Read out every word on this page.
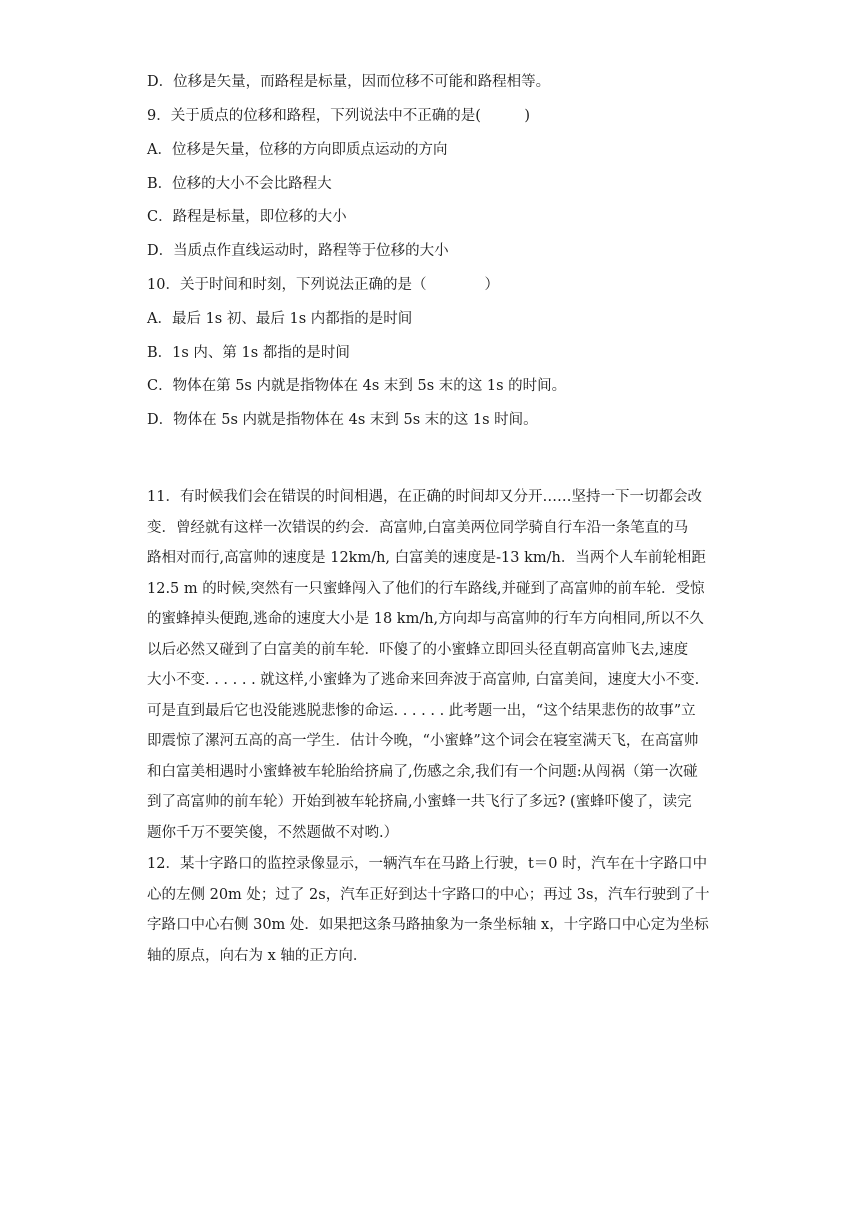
D．位移是矢量，而路程是标量，因而位移不可能和路程相等。
9．关于质点的位移和路程，下列说法中不正确的是(　　　)
A．位移是矢量，位移的方向即质点运动的方向
B．位移的大小不会比路程大
C．路程是标量，即位移的大小
D．当质点作直线运动时，路程等于位移的大小
10．关于时间和时刻，下列说法正确的是（　　　　）
A．最后 1s 初、最后 1s 内都指的是时间
B．1s 内、第 1s 都指的是时间
C．物体在第 5s 内就是指物体在 4s 末到 5s 末的这 1s 的时间。
D．物体在 5s 内就是指物体在 4s 末到 5s 末的这 1s 时间。
11．有时候我们会在错误的时间相遇，在正确的时间却又分开……坚持一下一切都会改
变．曾经就有这样一次错误的约会．高富帅,白富美两位同学骑自行车沿一条笔直的马
路相对而行,高富帅的速度是 12km/h, 白富美的速度是-13 km/h．当两个人车前轮相距
12.5 m 的时候,突然有一只蜜蜂闯入了他们的行车路线,并碰到了高富帅的前车轮．受惊
的蜜蜂掉头便跑,逃命的速度大小是 18 km/h,方向却与高富帅的行车方向相同,所以不久
以后必然又碰到了白富美的前车轮．吓傻了的小蜜蜂立即回头径直朝高富帅飞去,速度
大小不变. . . . . . 就这样,小蜜蜂为了逃命来回奔波于高富帅, 白富美间，速度大小不变.
可是直到最后它也没能逃脱悲惨的命运. . . . . . 此考题一出，“这个结果悲伤的故事”立
即震惊了漯河五高的高一学生．估计今晚，“小蜜蜂”这个词会在寝室满天飞，在高富帅
和白富美相遇时小蜜蜂被车轮胎给挤扁了,伤感之余,我们有一个问题:从闯祸（第一次碰
到了高富帅的前车轮）开始到被车轮挤扁,小蜜蜂一共飞行了多远? (蜜蜂吓傻了，读完
题你千万不要笑傻，不然题做不对哟.）
12．某十字路口的监控录像显示，一辆汽车在马路上行驶，t＝0 时，汽车在十字路口中
心的左侧 20m 处；过了 2s，汽车正好到达十字路口的中心；再过 3s，汽车行驶到了十
字路口中心右侧 30m 处．如果把这条马路抽象为一条坐标轴 x，十字路口中心定为坐标
轴的原点，向右为 x 轴的正方向．
